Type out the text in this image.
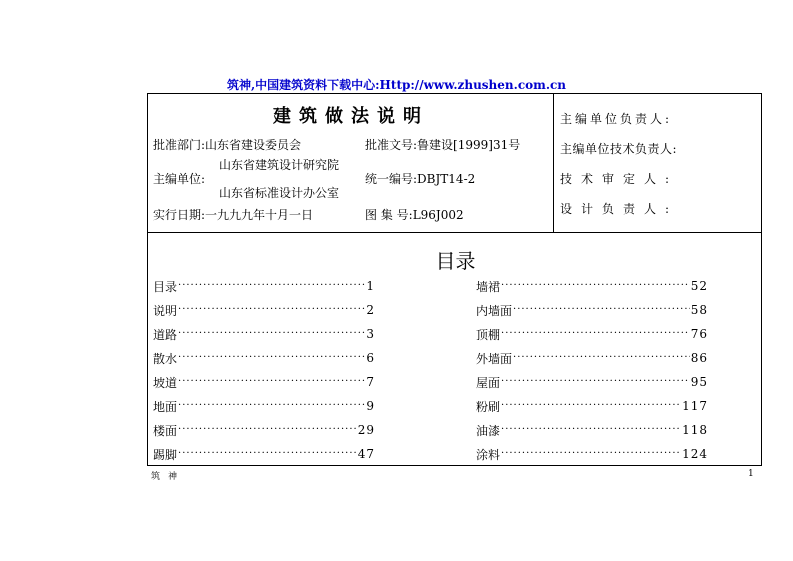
筑神,中国建筑资料下载中心:Http://www.zhushen.com.cn
建筑做法说明
批准部门:山东省建设委员会	批准文号:鲁建设[1999]31号
山东省建筑设计研究院
主编单位:	统一编号:DBJT14-2
山东省标准设计办公室
实行日期:一九九九年十月一日	图 集 号:L96J002
主编单位负责人:
主编单位技术负责人:
技术审定人:
设计负责人:
目录
目录 ·····	1
说明 ·····	2
道路 ·····	3
散水 ·····	6
坡道 ·····	7
地面 ·····	9
楼面 ·····	29
踢脚 ·····	47
墙裙 ·····	52
内墙面 ·····	58
顶棚 ·····	76
外墙面 ·····	86
屋面 ·····	95
粉刷 ·····	117
油漆 ·····	118
涂料 ·····	124
筑神	1
